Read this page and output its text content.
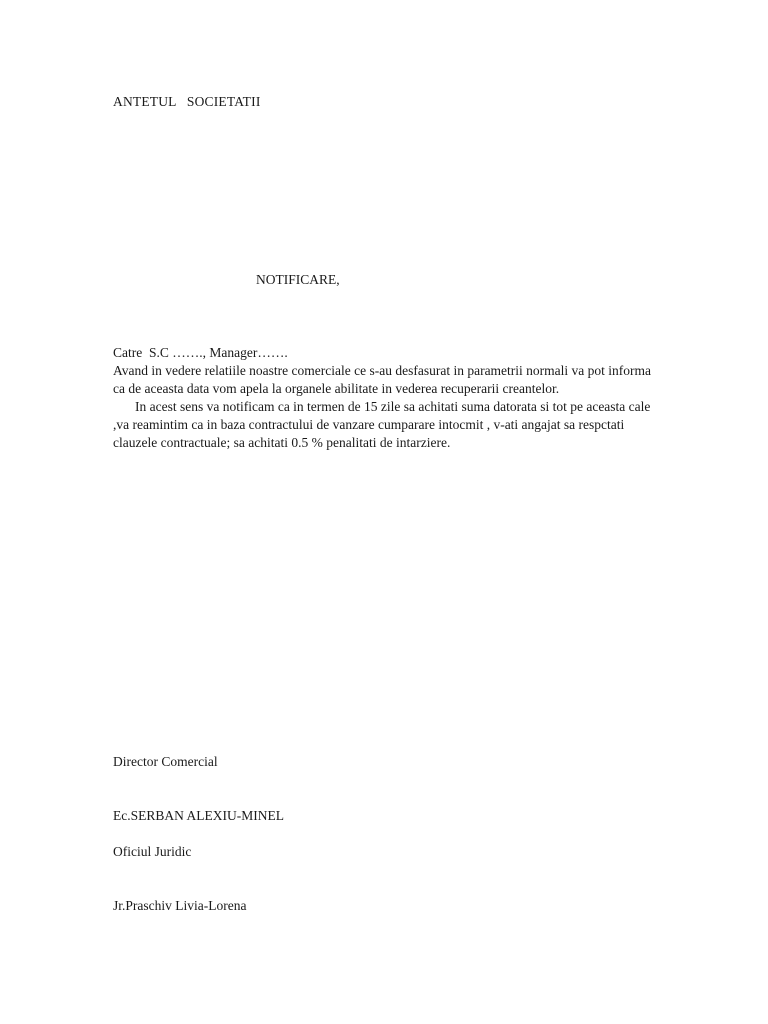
ANTETUL   SOCIETATII
NOTIFICARE,

Catre  S.C ……., Manager…….

Avand in vedere relatiile noastre comerciale ce s-au desfasurat in parametrii normali va pot informa ca de aceasta data vom apela la organele abilitate in vederea recuperarii creantelor.

In acest sens va notificam ca in termen de 15 zile sa achitati suma datorata si tot pe aceasta cale ,va reamintim ca in baza contractului de vanzare cumparare intocmit , v-ati angajat sa respctati clauzele contractuale; sa achitati 0.5 % penalitati de intarziere.

Director Comercial

Ec.SERBAN ALEXIU-MINEL

Oficiul Juridic

Jr.Praschiv Livia-Lorena
